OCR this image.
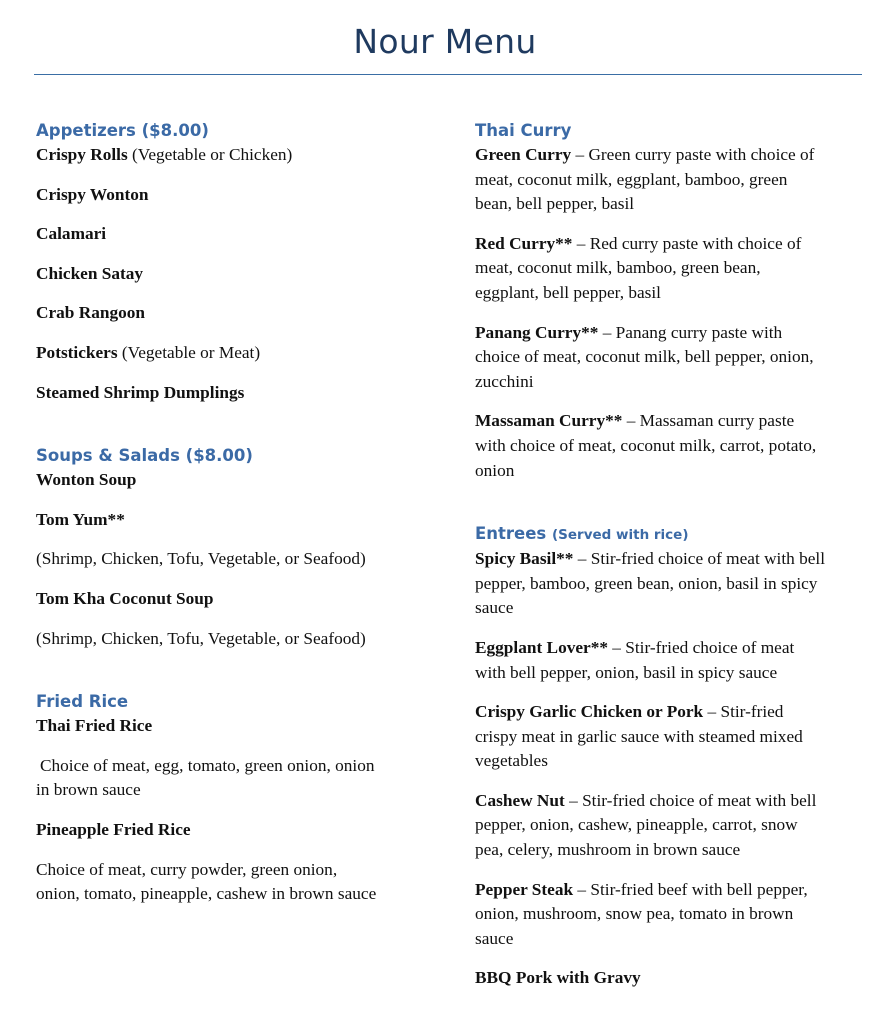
Nour Menu

Appetizers ($8.00)

Crispy Rolls (Vegetable or Chicken)

Crispy Wonton

Calamari

Chicken Satay

Crab Rangoon

Potstickers (Vegetable or Meat)

Steamed Shrimp Dumplings

Soups & Salads ($8.00)

Wonton Soup

Tom Yum**

(Shrimp, Chicken, Tofu, Vegetable, or Seafood)

Tom Kha Coconut Soup

(Shrimp, Chicken, Tofu, Vegetable, or Seafood)

Fried Rice

Thai Fried Rice

Choice of meat, egg, tomato, green onion, onion

in brown sauce

Pineapple Fried Rice

Choice of meat, curry powder, green onion,

onion, tomato, pineapple, cashew in brown sauce

Thai Curry

Green Curry – Green curry paste with choice of

meat, coconut milk, eggplant, bamboo, green

bean, bell pepper, basil

Red Curry** – Red curry paste with choice of

meat, coconut milk, bamboo, green bean,

eggplant, bell pepper, basil

Panang Curry** – Panang curry paste with

choice of meat, coconut milk, bell pepper, onion,

zucchini

Massaman Curry** – Massaman curry paste

with choice of meat, coconut milk, carrot, potato,

onion

Entrees (Served with rice)

Spicy Basil** – Stir-fried choice of meat with bell

pepper, bamboo, green bean, onion, basil in spicy

sauce

Eggplant Lover** – Stir-fried choice of meat

with bell pepper, onion, basil in spicy sauce

Crispy Garlic Chicken or Pork – Stir-fried

crispy meat in garlic sauce with steamed mixed

vegetables

Cashew Nut – Stir-fried choice of meat with bell

pepper, onion, cashew, pineapple, carrot, snow

pea, celery, mushroom in brown sauce

Pepper Steak – Stir-fried beef with bell pepper,

onion, mushroom, snow pea, tomato in brown

sauce

BBQ Pork with Gravy
